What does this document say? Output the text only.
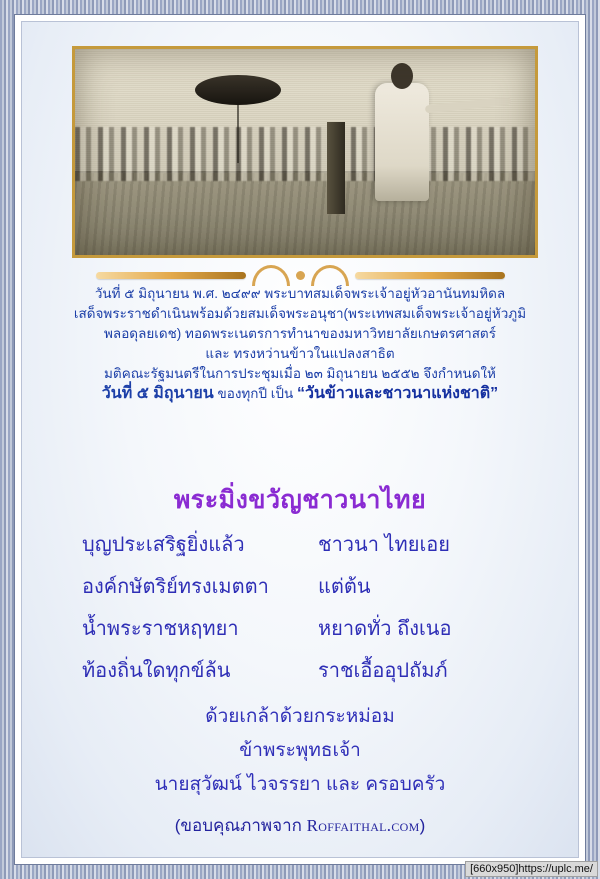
วันที่ ๕ มิถุนายน พ.ศ. ๒๔๙๙ พระบาทสมเด็จพระเจ้าอยู่หัวอานันทมหิดล
เสด็จพระราชดำเนินพร้อมด้วยสมเด็จพระอนุชา(พระเทพสมเด็จพระเจ้าอยู่หัวภูมิ
พลอดุลยเดช) ทอดพระเนตรการทำนาของมหาวิทยาลัยเกษตรศาสตร์
และ ทรงหว่านข้าวในแปลงสาธิต
มติคณะรัฐมนตรีในการประชุมเมื่อ ๒๓ มิถุนายน ๒๕๕๒ จึงกำหนดให้
วันที่ ๕ มิถุนายน ของทุกปี เป็น “วันข้าวและชาวนาแห่งชาติ”
พระมิ่งขวัญชาวนาไทย
บุญประเสริฐยิ่งแล้ว	ชาวนา ไทยเอย
องค์กษัตริย์ทรงเมตตา	แต่ต้น
น้ำพระราชหฤทยา	หยาดทั่ว ถึงเนอ
ท้องถิ่นใดทุกข์ล้น	ราชเอื้ออุปถัมภ์
ด้วยเกล้าด้วยกระหม่อม
ข้าพระพุทธเจ้า
นายสุวัฒน์ ไวจรรยา และ ครอบครัว
(ขอบคุณภาพจาก Roffaithal.com)
[660x950]https://uplc.me/
